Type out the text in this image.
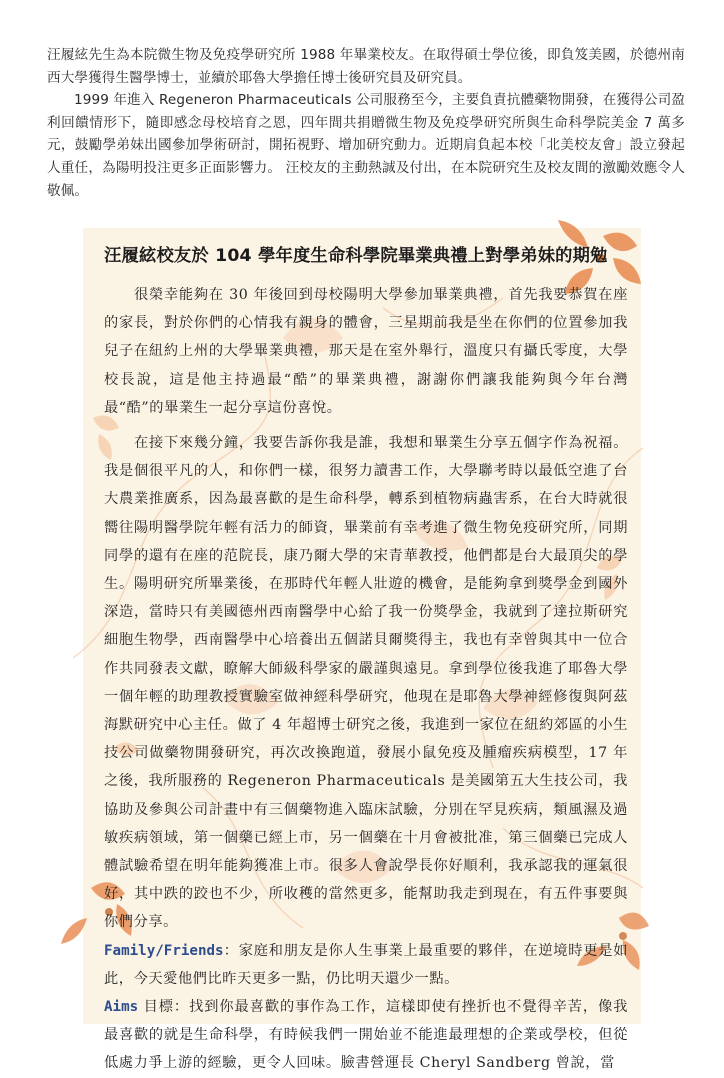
汪履絃先生為本院微生物及免疫學研究所 1988 年畢業校友。在取得碩士學位後，即負笈美國，於德州南西大學獲得生醫學博士，並續於耶魯大學擔任博士後研究員及研究員。

1999 年進入 Regeneron Pharmaceuticals 公司服務至今，主要負責抗體藥物開發，在獲得公司盈利回饋情形下，隨即感念母校培育之恩，四年間共捐贈微生物及免疫學研究所與生命科學院美金 7 萬多元，鼓勵學弟妹出國參加學術研討，開拓視野、增加研究動力。近期肩負起本校「北美校友會」設立發起人重任，為陽明投注更多正面影響力。 汪校友的主動熱誠及付出，在本院研究生及校友間的激勵效應令人敬佩。

汪履絃校友於 104 學年度生命科學院畢業典禮上對學弟妹的期勉

很榮幸能夠在 30 年後回到母校陽明大學參加畢業典禮，首先我要恭賀在座的家長，對於你們的心情我有親身的體會，三星期前我是坐在你們的位置參加我兒子在紐約上州的大學畢業典禮，那天是在室外舉行，溫度只有攝氏零度，大學校長說，這是他主持過最“酷”的畢業典禮，謝謝你們讓我能夠與今年台灣最“酷”的畢業生一起分享這份喜悅。

在接下來幾分鐘，我要告訴你我是誰，我想和畢業生分享五個字作為祝福。我是個很平凡的人，和你們一樣，很努力讀書工作，大學聯考時以最低空進了台大農業推廣系，因為最喜歡的是生命科學，轉系到植物病蟲害系，在台大時就很嚮往陽明醫學院年輕有活力的師資，畢業前有幸考進了微生物免疫研究所，同期同學的還有在座的范院長，康乃爾大學的宋青華教授，他們都是台大最頂尖的學生。陽明研究所畢業後，在那時代年輕人壯遊的機會，是能夠拿到獎學金到國外深造，當時只有美國德州西南醫學中心給了我一份獎學金，我就到了達拉斯研究細胞生物學，西南醫學中心培養出五個諾貝爾獎得主，我也有幸曾與其中一位合作共同發表文獻，瞭解大師級科學家的嚴謹與遠見。拿到學位後我進了耶魯大學一個年輕的助理教授實驗室做神經科學研究，他現在是耶魯大學神經修復與阿茲海默研究中心主任。做了 4 年超博士研究之後，我進到一家位在紐約郊區的小生技公司做藥物開發研究，再次改換跑道，發展小鼠免疫及腫瘤疾病模型，17 年之後，我所服務的 Regeneron Pharmaceuticals 是美國第五大生技公司，我協助及參與公司計畫中有三個藥物進入臨床試驗，分別在罕見疾病，類風濕及過敏疾病領域，第一個藥已經上市，另一個藥在十月會被批准，第三個藥已完成人體試驗希望在明年能夠獲准上市。很多人會說學長你好順利，我承認我的運氣很好，其中跌的跤也不少，所收穫的當然更多，能幫助我走到現在，有五件事要與你們分享。

Family/Friends：家庭和朋友是你人生事業上最重要的夥伴，在逆境時更是如此，今天愛他們比昨天更多一點，仍比明天還少一點。

Aims 目標：找到你最喜歡的事作為工作，這樣即使有挫折也不覺得辛苦，像我最喜歡的就是生命科學，有時候我們一開始並不能進最理想的企業或學校，但從低處力爭上游的經驗，更令人回味。臉書營運長 Cheryl Sandberg 曾說，當
